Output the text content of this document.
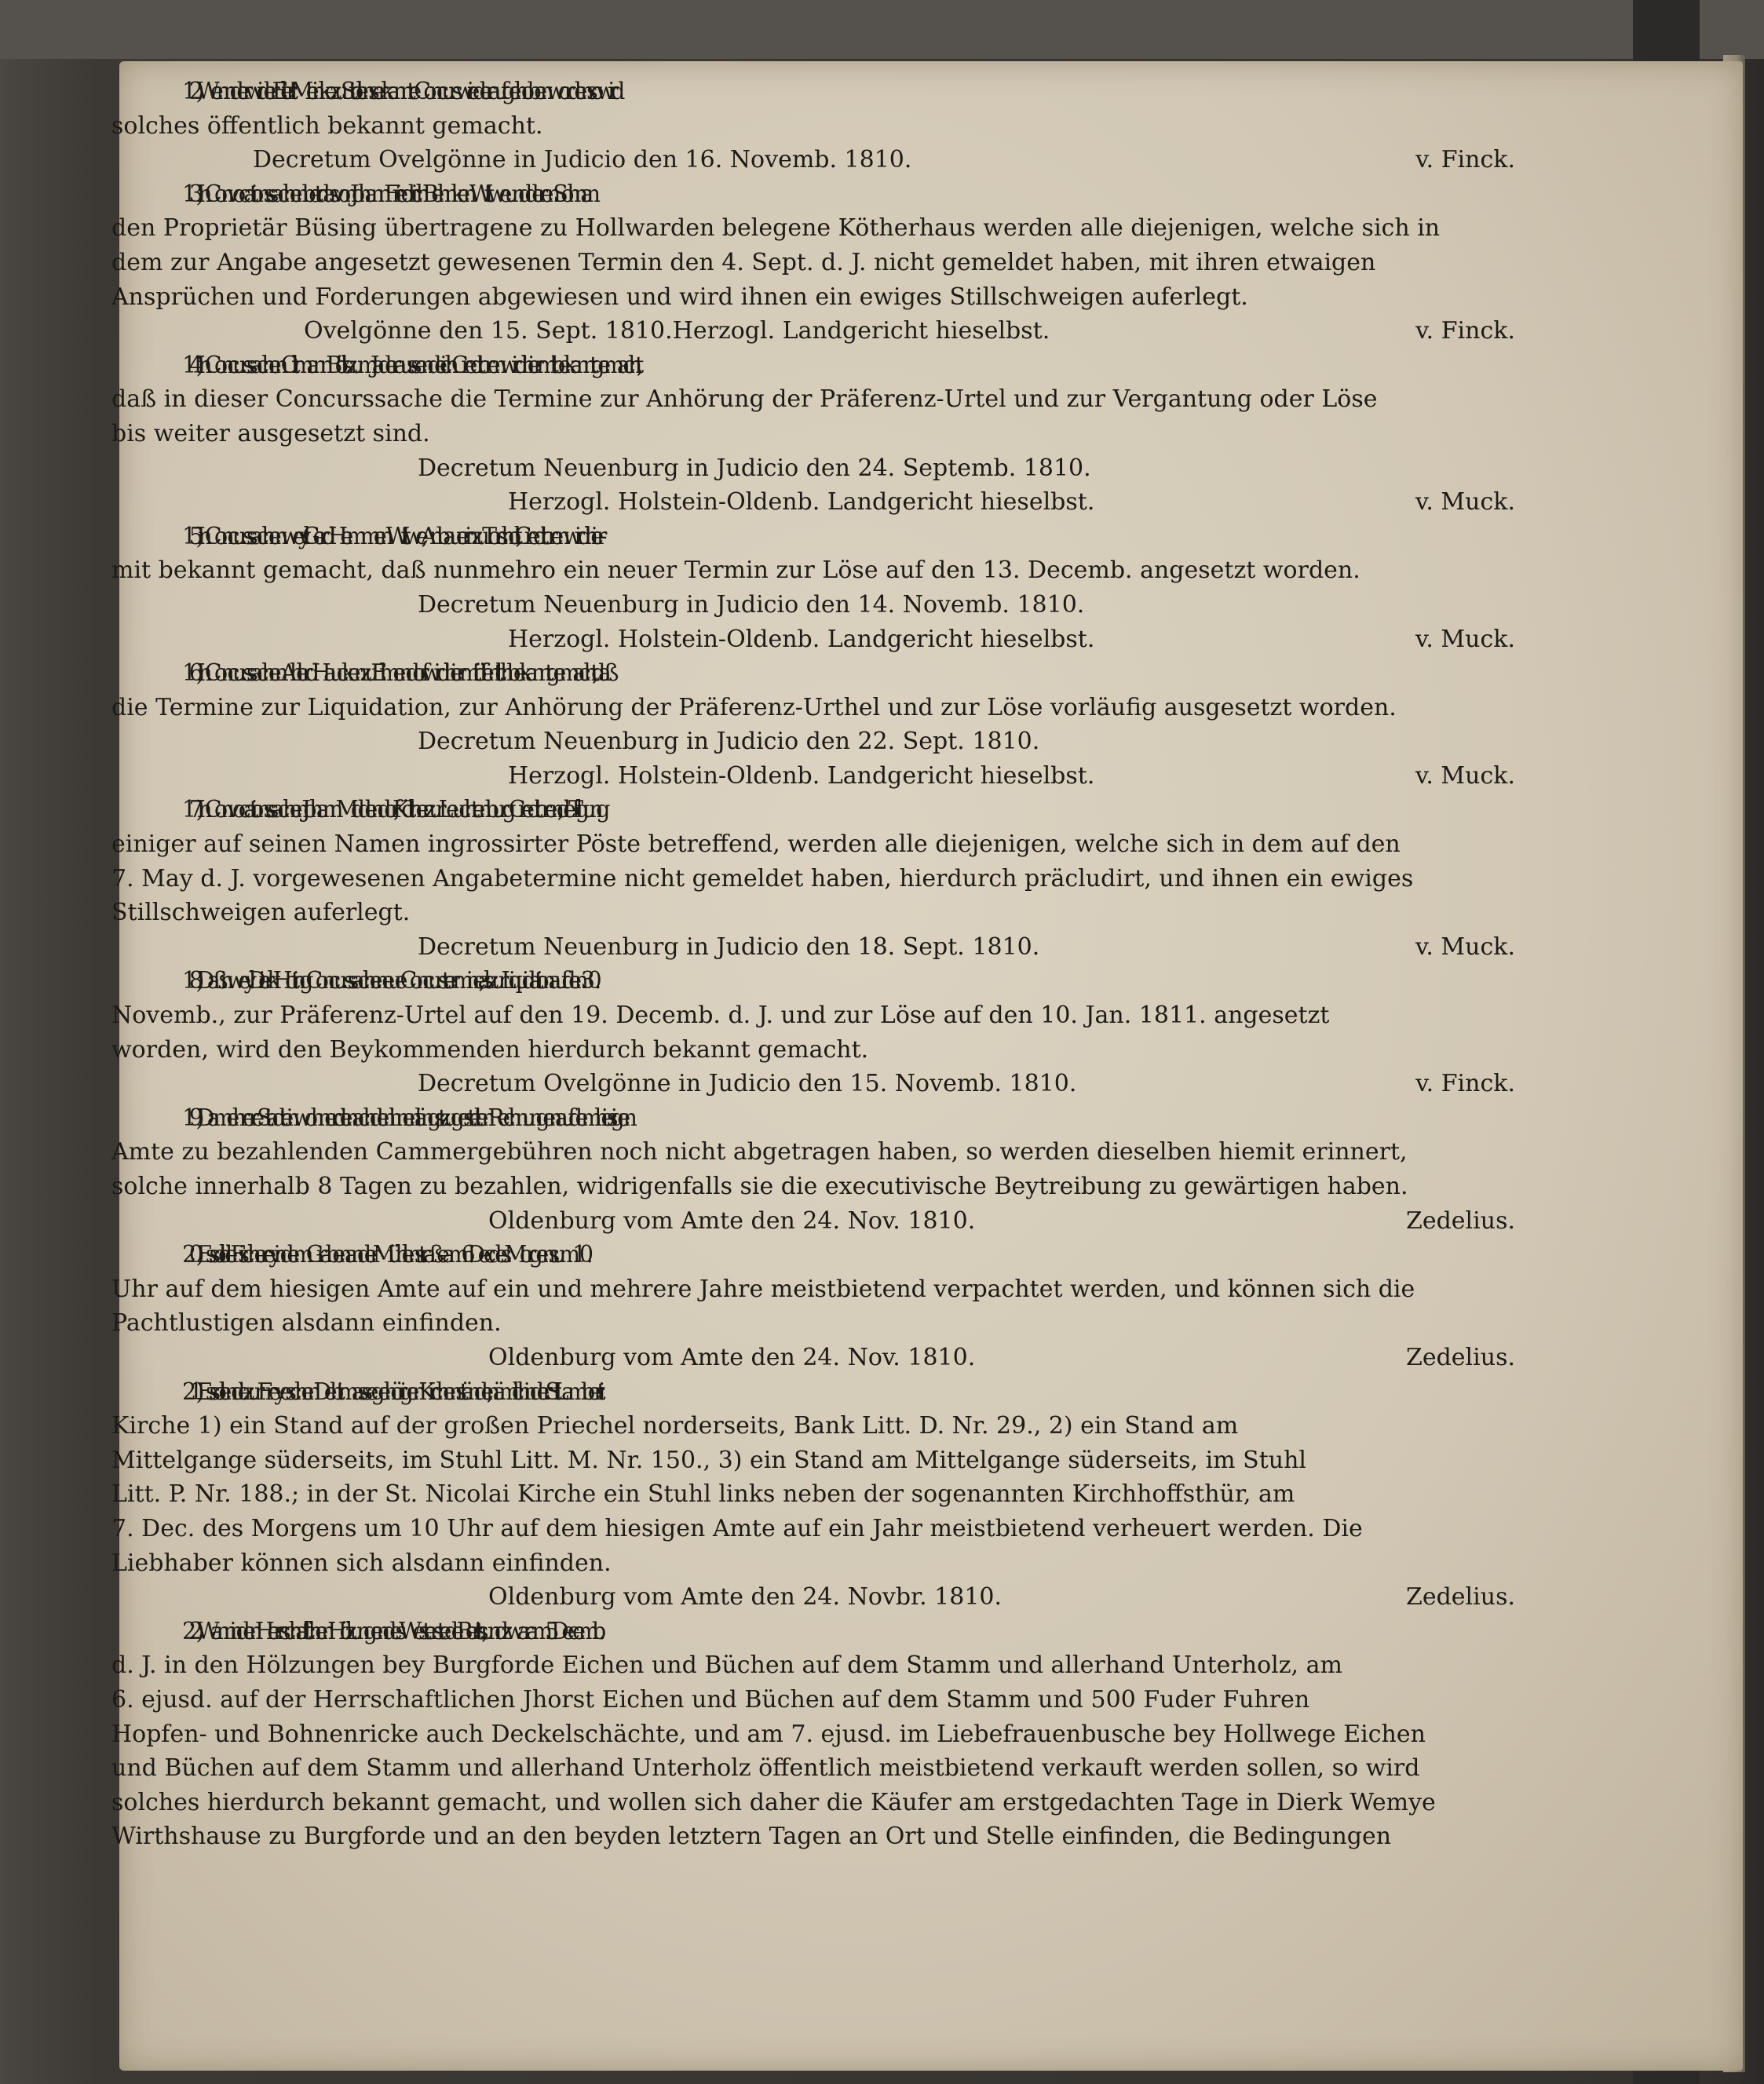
12) Wenn der wider Eilert Meinke zu Stollens erkannte Concurs wieder aufgehoben worden so wird
solches öffentlich bekannt gemacht.
Decretum Ovelgönne in Judicio den 16. Novemb. 1810.	v. Finck.
13) In Convocationssachen betr. das von Johann Friedrich Behnken Wittwe und deren Sohn an
den Proprietär Büsing übertragene zu Hollwarden belegene Kötherhaus werden alle diejenigen, welche sich in
dem zur Angabe angesetzt gewesenen Termin den 4. Sept. d. J. nicht gemeldet haben, mit ihren etwaigen
Ansprüchen und Forderungen abgewiesen und wird ihnen ein ewiges Stillschweigen auferlegt.
Ovelgönne den 15. Sept. 1810. Herzogl. Landgericht hieselbst.	v. Finck.
14) In Concurssachen Oltmann Bölts zum Jaderaussendeich Creditoren wird hiermit bekannt gemacht,
daß in dieser Concurssache die Termine zur Anhörung der Präferenz-Urtel und zur Vergantung oder Löse
bis weiter ausgesetzt sind.
Decretum Neuenburg in Judicio den 24. Septemb. 1810.
Herzogl. Holstein-Oldenb. Landgericht hieselbst.	v. Muck.
15) In Concurssachen weyl. Gerd Hemmen Wittwe, Anbauerin zu Torsholt, Creditoren wird hier-
mit bekannt gemacht, daß nunmehro ein neuer Termin zur Löse auf den 13. Decemb. angesetzt worden.
Decretum Neuenburg in Judicio den 14. Novemb. 1810.
Herzogl. Holstein-Oldenb. Landgericht hieselbst.	v. Muck.
16) In Concurssachen Ahlerd Haucken zu Ellmendorf wird hiermit öffentlich bekannt gemacht, daß
die Termine zur Liquidation, zur Anhörung der Präferenz-Urthel und zur Löse vorläufig ausgesetzt worden.
Decretum Neuenburg in Judicio den 22. Sept. 1810.
Herzogl. Holstein-Oldenb. Landgericht hieselbst.	v. Muck.
17) In Convocationssachen Johann Middendorf, Köther zur Leuchtenburg Creditoren, die Tilgung
einiger auf seinen Namen ingrossirter Pöste betreffend, werden alle diejenigen, welche sich in dem auf den
7. May d. J. vorgewesenen Angabetermine nicht gemeldet haben, hierdurch präcludirt, und ihnen ein ewiges
Stillschweigen auferlegt.
Decretum Neuenburg in Judicio den 18. Sept. 1810.	v. Muck.
18) Daß in weyl. Dierk Hoting Concurssache neue Concurstermine, als zur Liquidation auf den 30.
Novemb., zur Präferenz-Urtel auf den 19. Decemb. d. J. und zur Löse auf den 10. Jan. 1811. angesetzt
worden, wird den Beykommenden hierdurch bekannt gemacht.
Decretum Ovelgönne in Judicio den 15. Novemb. 1810.	v. Finck.
19) Da mehrere Stadteinwohner die nach den ihnen längst zugestellten Rechnungen auf dem hiesigen
Amte zu bezahlenden Cammergebühren noch nicht abgetragen haben, so werden dieselben hiemit erinnert,
solche innerhalb 8 Tagen zu bezahlen, widrigenfalls sie die executivische Beytreibung zu gewärtigen haben.
Oldenburg vom Amte den 24. Nov. 1810.	Zedelius.
20) Es soll die Fischerey in dem Graben an der Mühlenstraße am 6. Dec. des Morgens um 10.
Uhr auf dem hiesigen Amte auf ein und mehrere Jahre meistbietend verpachtet werden, und können sich die
Pachtlustigen alsdann einfinden.
Oldenburg vom Amte den 24. Nov. 1810.	Zedelius.
21) Es sollen die zur Freyeschen Debitmasse gehörigen Kirchenstände, nämlich in der St. Lamberti
Kirche 1) ein Stand auf der großen Priechel norderseits, Bank Litt. D. Nr. 29., 2) ein Stand am
Mittelgange süderseits, im Stuhl Litt. M. Nr. 150., 3) ein Stand am Mittelgange süderseits, im Stuhl
Litt. P. Nr. 188.; in der St. Nicolai Kirche ein Stuhl links neben der sogenannten Kirchhoffsthür, am
7. Dec. des Morgens um 10 Uhr auf dem hiesigen Amte auf ein Jahr meistbietend verheuert werden. Die
Liebhaber können sich alsdann einfinden.
Oldenburg vom Amte den 24. Novbr. 1810.	Zedelius.
22) Wann in den Herrschaftlichen Hölzungen des Westerstede Beritts, und zwar am 5. Decemb.
d. J. in den Hölzungen bey Burgforde Eichen und Büchen auf dem Stamm und allerhand Unterholz, am
6. ejusd. auf der Herrschaftlichen Jhorst Eichen und Büchen auf dem Stamm und 500 Fuder Fuhren
Hopfen- und Bohnenricke auch Deckelschächte, und am 7. ejusd. im Liebefrauenbusche bey Hollwege Eichen
und Büchen auf dem Stamm und allerhand Unterholz öffentlich meistbietend verkauft werden sollen, so wird
solches hierdurch bekannt gemacht, und wollen sich daher die Käufer am erstgedachten Tage in Dierk Wemye
Wirthshause zu Burgforde und an den beyden letztern Tagen an Ort und Stelle einfinden, die Bedingungen
